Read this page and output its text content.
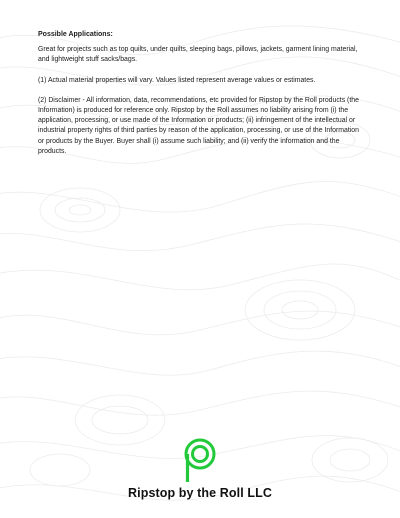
Possible Applications:

Great for projects such as top quilts, under quilts, sleeping bags, pillows, jackets, garment lining material, and lightweight stuff sacks/bags.

(1) Actual material properties will vary. Values listed represent average values or estimates.

(2) Disclaimer - All information, data, recommendations, etc provided for Ripstop by the Roll products (the Information) is produced for reference only. Ripstop by the Roll assumes no liability arising from (i) the application, processing, or use made of the Information or products; (ii) infringement of the intellectual or industrial property rights of third parties by reason of the application, processing, or use of the Information or products by the Buyer. Buyer shall (i) assume such liability; and (ii) verify the information and the products.

Ripstop by the Roll LLC
